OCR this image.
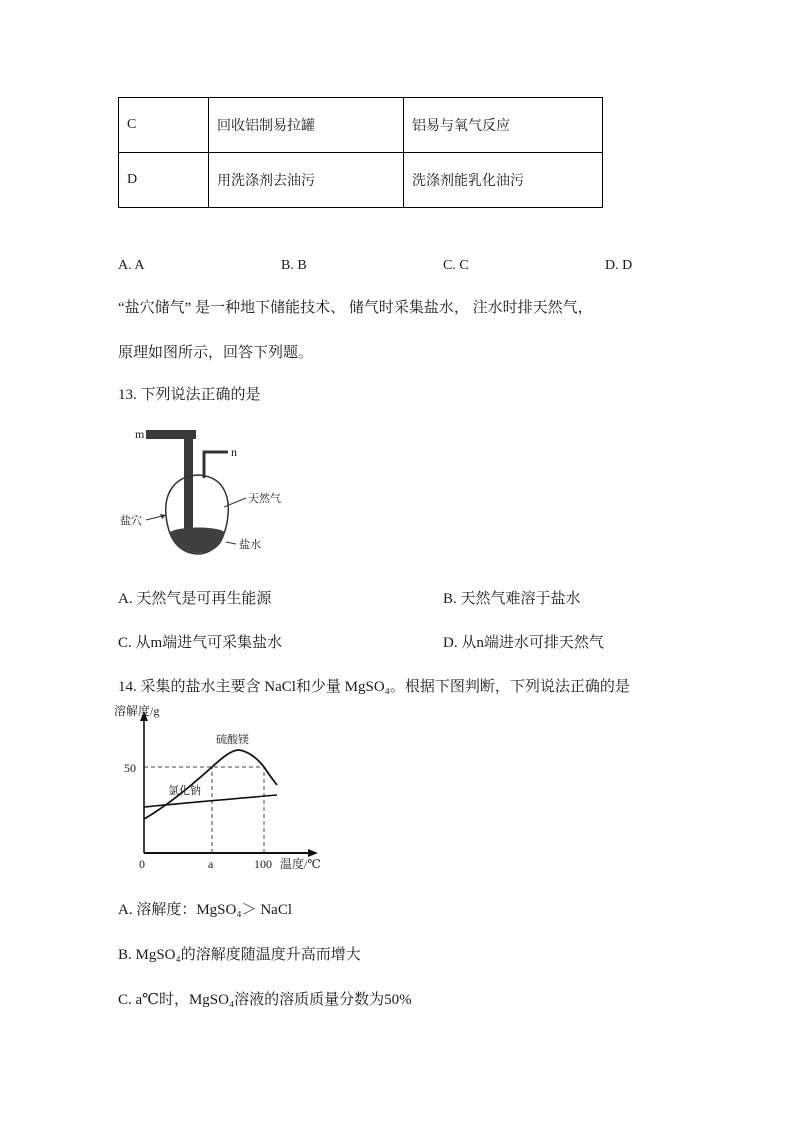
C	回收铝制易拉罐	铝易与氧气反应
D	用洗涤剂去油污	洗涤剂能乳化油污
A. A	B. B	C. C	D. D
“盐穴储气” 是一种地下储能技术、 储气时采集盐水， 注水时排天然气，
原理如图所示，回答下列题。
13. 下列说法正确的是
m
n
天然气
盐穴
盐水
A. 天然气是可再生能源	B. 天然气难溶于盐水
C. 从m端进气可采集盐水	D. 从n端进水可排天然气
14. 采集的盐水主要含 NaCl和少量 MgSO₄。根据下图判断，下列说法正确的是
溶解度/g
50
0	a	100 温度/℃
硫酸镁
氯化钠
A. 溶解度：MgSO₄＞ NaCl
B. MgSO₄的溶解度随温度升高而增大
C. a℃时，MgSO₄溶液的溶质质量分数为50%
